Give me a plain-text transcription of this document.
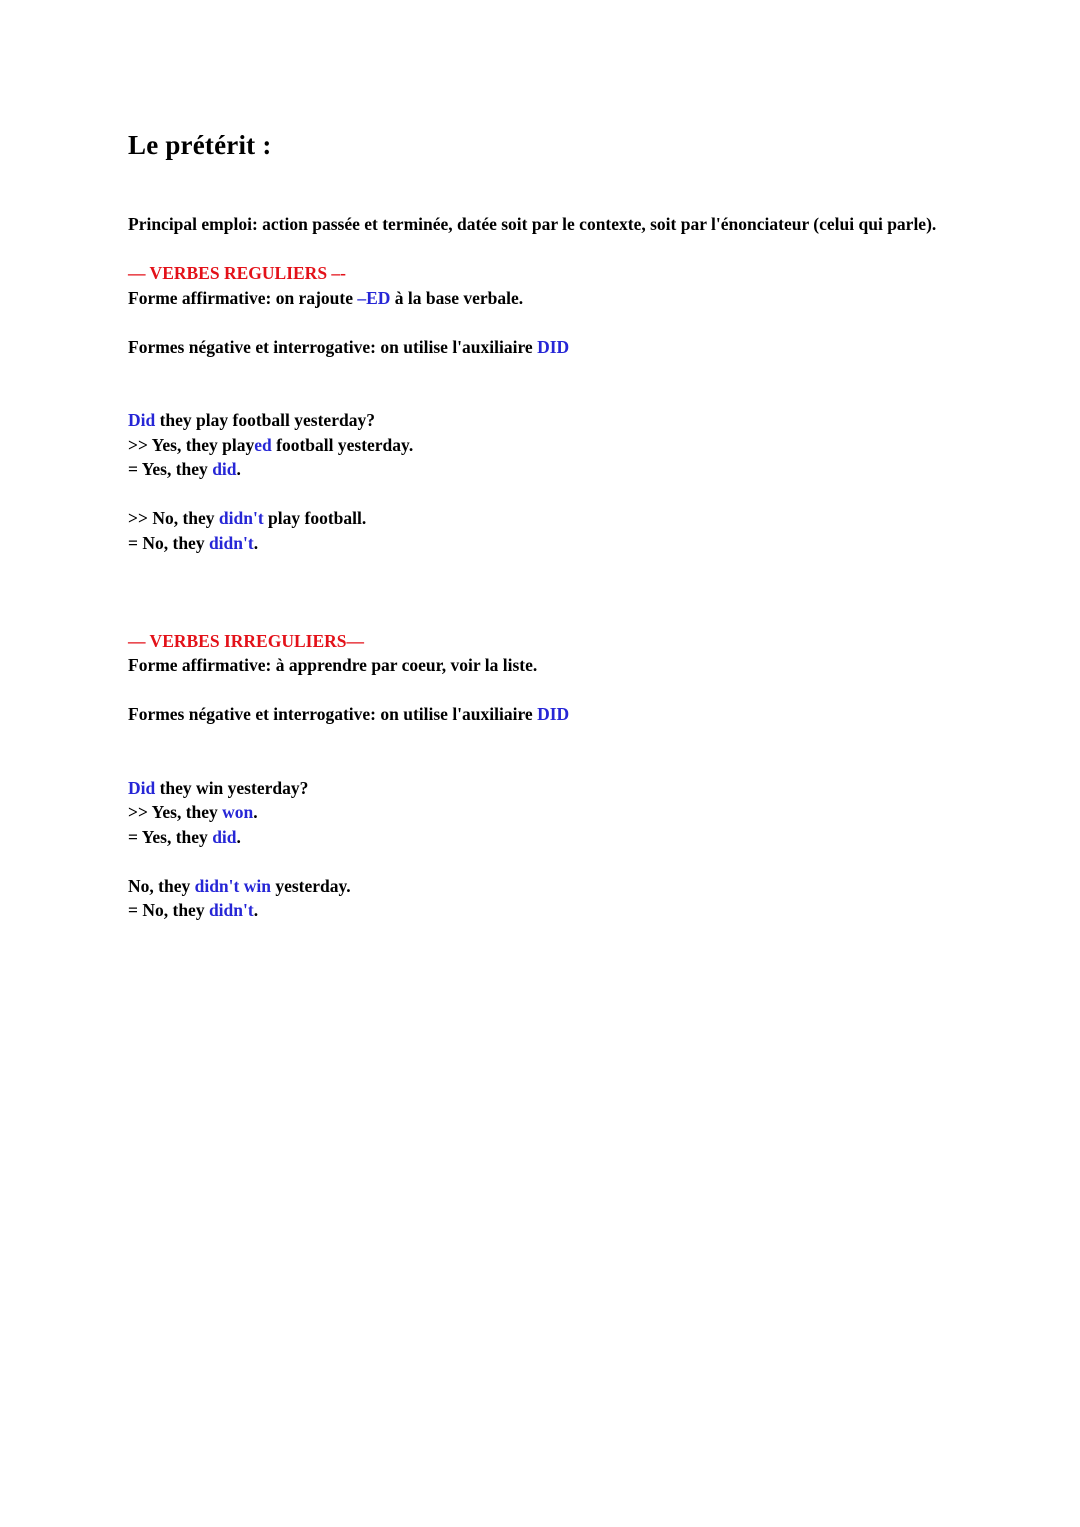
Le prétérit :
Principal emploi: action passée et terminée, datée soit par le contexte, soit par l'énonciateur (celui qui parle).

— VERBES REGULIERS –-
Forme affirmative: on rajoute –ED à la base verbale.

Formes négative et interrogative: on utilise l'auxiliaire DID

Did they play football yesterday?
>> Yes, they played football yesterday.
= Yes, they did.

>> No, they didn't play football.
= No, they didn't.

— VERBES IRREGULIERS—
Forme affirmative: à apprendre par coeur, voir la liste.

Formes négative et interrogative: on utilise l'auxiliaire DID

Did they win yesterday?
>> Yes, they won.
= Yes, they did.

No, they didn't win yesterday.
= No, they didn't.
